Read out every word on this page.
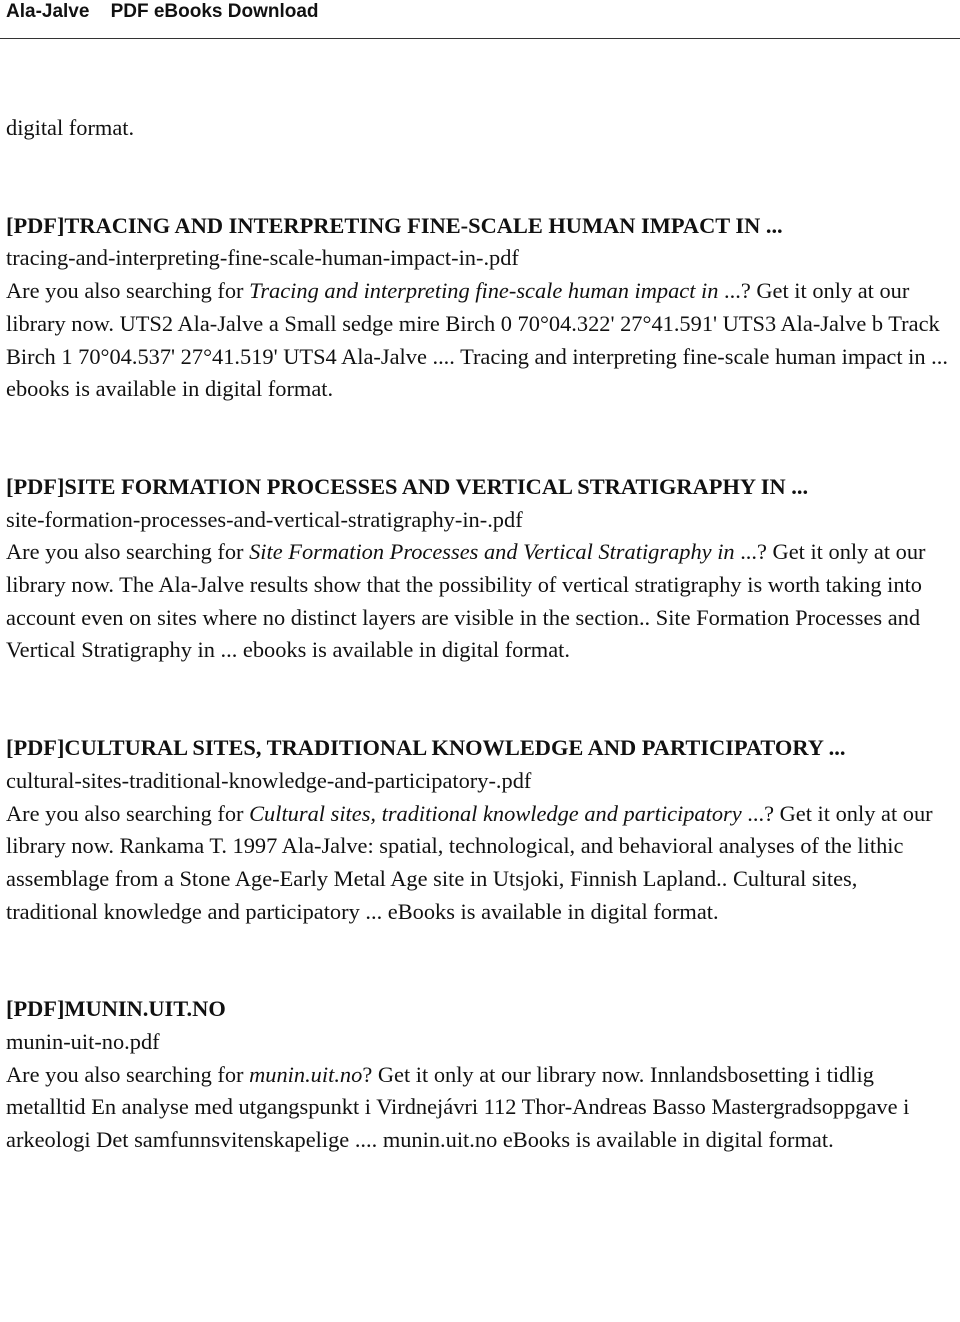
Ala-Jalve PDF eBooks Download

digital format.

[PDF]TRACING AND INTERPRETING FINE-SCALE HUMAN IMPACT IN ...

tracing-and-interpreting-fine-scale-human-impact-in-.pdf

Are you also searching for Tracing and interpreting fine-scale human impact in ...? Get it only at our library now. UTS2 Ala-Jalve a Small sedge mire Birch 0 70°04.322' 27°41.591' UTS3 Ala-Jalve b Track Birch 1 70°04.537' 27°41.519' UTS4 Ala-Jalve .... Tracing and interpreting fine-scale human impact in ... ebooks is available in digital format.

[PDF]SITE FORMATION PROCESSES AND VERTICAL STRATIGRAPHY IN ...

site-formation-processes-and-vertical-stratigraphy-in-.pdf

Are you also searching for Site Formation Processes and Vertical Stratigraphy in ...? Get it only at our library now. The Ala-Jalve results show that the possibility of vertical stratigraphy is worth taking into account even on sites where no distinct layers are visible in the section.. Site Formation Processes and Vertical Stratigraphy in ... ebooks is available in digital format.

[PDF]CULTURAL SITES, TRADITIONAL KNOWLEDGE AND PARTICIPATORY ...

cultural-sites-traditional-knowledge-and-participatory-.pdf

Are you also searching for Cultural sites, traditional knowledge and participatory ...? Get it only at our library now. Rankama T. 1997 Ala-Jalve: spatial, technological, and behavioral analyses of the lithic assemblage from a Stone Age-Early Metal Age site in Utsjoki, Finnish Lapland.. Cultural sites, traditional knowledge and participatory ... eBooks is available in digital format.

[PDF]MUNIN.UIT.NO

munin-uit-no.pdf

Are you also searching for munin.uit.no? Get it only at our library now. Innlandsbosetting i tidlig metalltid En analyse med utgangspunkt i Virdnejávri 112 Thor-Andreas Basso Mastergradsoppgave i arkeologi Det samfunnsvitenskapelige .... munin.uit.no eBooks is available in digital format.
